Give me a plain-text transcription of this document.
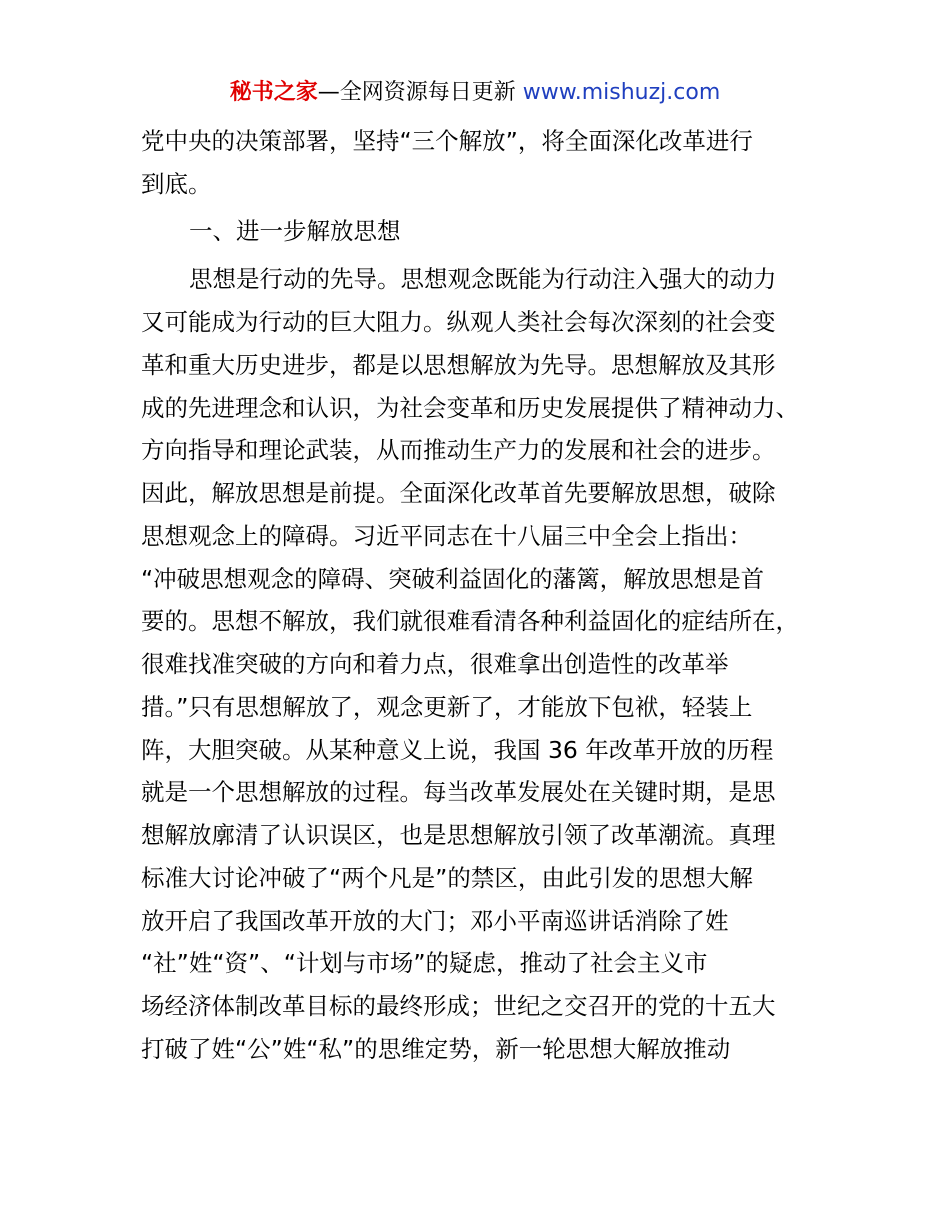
秘书之家—全网资源每日更新 www.mishuzj.com
党中央的决策部署，坚持“三个解放”，将全面深化改革进行
到底。
一、进一步解放思想
思想是行动的先导。思想观念既能为行动注入强大的动力
又可能成为行动的巨大阻力。纵观人类社会每次深刻的社会变
革和重大历史进步，都是以思想解放为先导。思想解放及其形
成的先进理念和认识，为社会变革和历史发展提供了精神动力、
方向指导和理论武装，从而推动生产力的发展和社会的进步。
因此，解放思想是前提。全面深化改革首先要解放思想，破除
思想观念上的障碍。习近平同志在十八届三中全会上指出：
“冲破思想观念的障碍、突破利益固化的藩篱，解放思想是首
要的。思想不解放，我们就很难看清各种利益固化的症结所在，
很难找准突破的方向和着力点，很难拿出创造性的改革举
措。”只有思想解放了，观念更新了，才能放下包袱，轻装上
阵，大胆突破。从某种意义上说，我国 36 年改革开放的历程
就是一个思想解放的过程。每当改革发展处在关键时期，是思
想解放廓清了认识误区，也是思想解放引领了改革潮流。真理
标准大讨论冲破了“两个凡是”的禁区，由此引发的思想大解
放开启了我国改革开放的大门；邓小平南巡讲话消除了姓
“社”姓“资”、“计划与市场”的疑虑，推动了社会主义市
场经济体制改革目标的最终形成；世纪之交召开的党的十五大
打破了姓“公”姓“私”的思维定势，新一轮思想大解放推动
